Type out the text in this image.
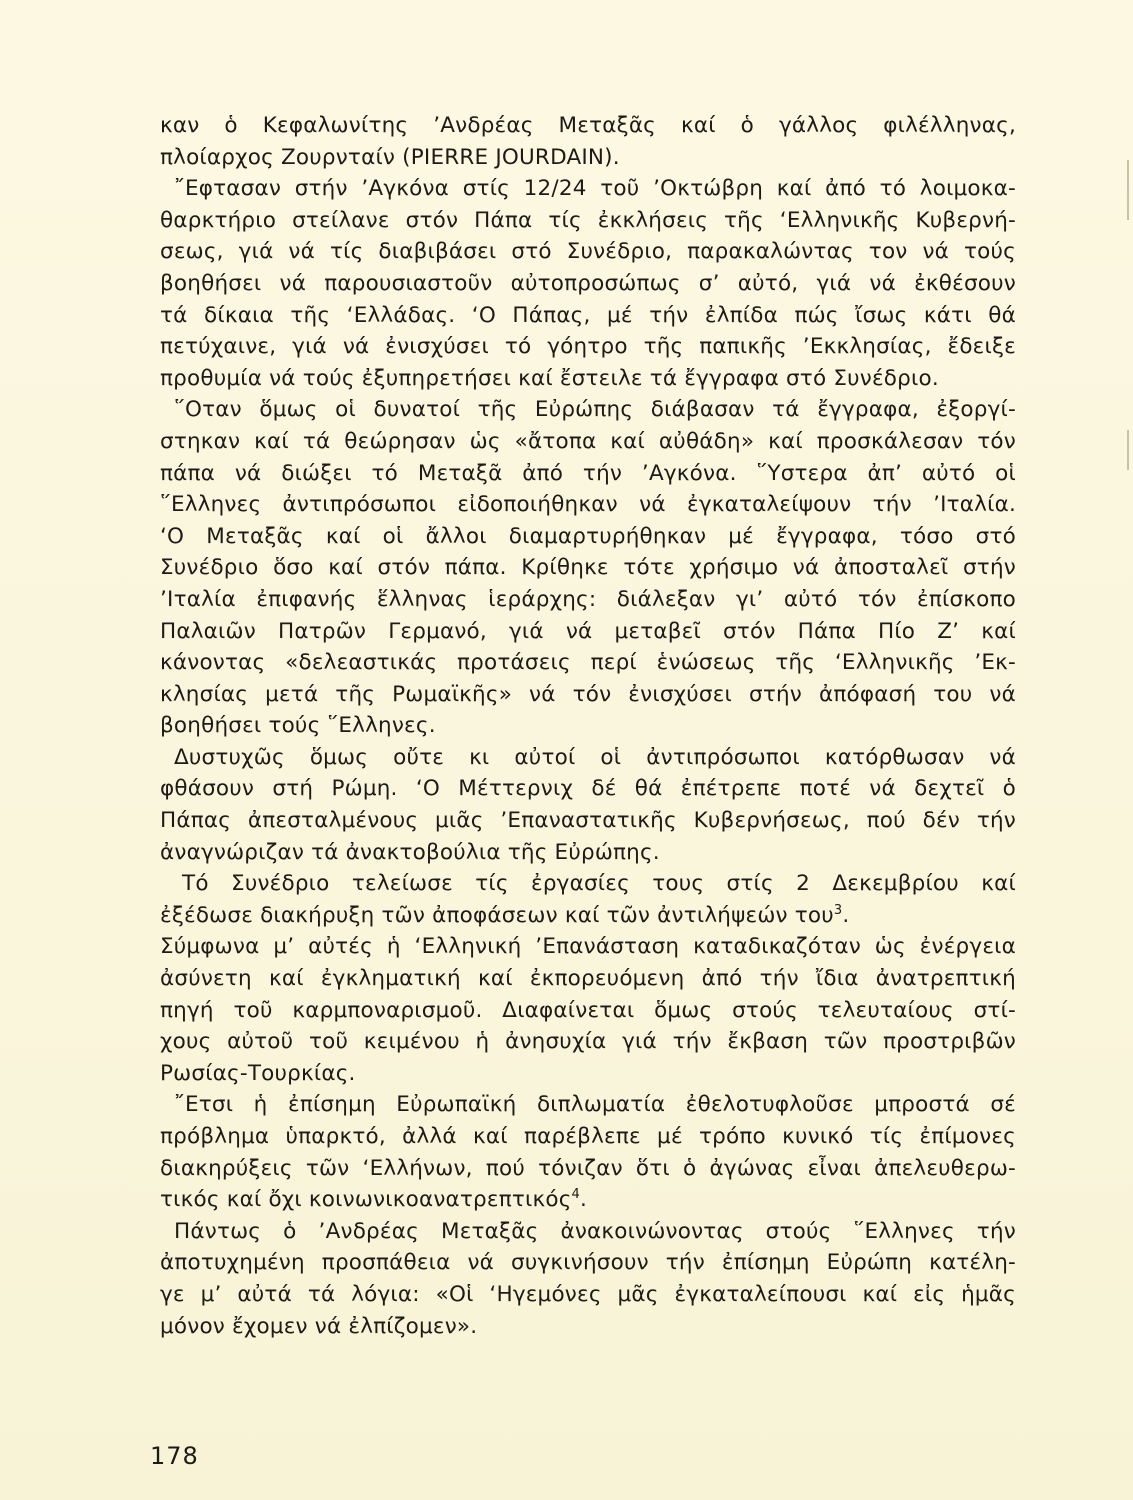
καν ὁ Κεφαλωνίτης ’Ανδρέας Μεταξᾶς καί ὁ γάλλος φιλέλληνας,
πλοίαρχος Ζουρνταίν (PIERRE JOURDAIN).
῎Εφτασαν στήν ’Αγκόνα στίς 12/24 τοῦ ’Οκτώβρη καί ἀπό τό λοιμοκα-
θαρκτήριο στείλανε στόν Πάπα τίς ἐκκλήσεις τῆς ‘Ελληνικῆς Κυβερνή-
σεως, γιά νά τίς διαβιβάσει στό Συνέδριο, παρακαλώντας τον νά τούς
βοηθήσει νά παρουσιαστοῦν αὐτοπροσώπως σ’ αὐτό, γιά νά ἐκθέσουν
τά δίκαια τῆς ‘Ελλάδας. ‘Ο Πάπας, μέ τήν ἐλπίδα πώς ἴσως κάτι θά
πετύχαινε, γιά νά ἐνισχύσει τό γόητρο τῆς παπικῆς ’Εκκλησίας, ἔδειξε
προθυμία νά τούς ἐξυπηρετήσει καί ἔστειλε τά ἔγγραφα στό Συνέδριο.
῞Οταν ὅμως οἱ δυνατοί τῆς Εὐρώπης διάβασαν τά ἔγγραφα, ἐξοργί-
στηκαν καί τά θεώρησαν ὡς «ἄτοπα καί αὐθάδη» καί προσκάλεσαν τόν
πάπα νά διώξει τό Μεταξᾶ ἀπό τήν ’Αγκόνα. ῞Υστερα ἀπ’ αὐτό οἱ
῞Ελληνες ἀντιπρόσωποι εἰδοποιήθηκαν νά ἐγκαταλείψουν τήν ’Ιταλία.
‘Ο Μεταξᾶς καί οἱ ἄλλοι διαμαρτυρήθηκαν μέ ἔγγραφα, τόσο στό
Συνέδριο ὅσο καί στόν πάπα. Κρίθηκε τότε χρήσιμο νά ἀποσταλεῖ στήν
’Ιταλία ἐπιφανής ἕλληνας ἱεράρχης: διάλεξαν γι’ αὐτό τόν ἐπίσκοπο
Παλαιῶν Πατρῶν Γερμανό, γιά νά μεταβεῖ στόν Πάπα Πίο Ζ’ καί
κάνοντας «δελεαστικάς προτάσεις περί ἑνώσεως τῆς ‘Ελληνικῆς ’Εκ-
κλησίας μετά τῆς Ρωμαϊκῆς» νά τόν ἐνισχύσει στήν ἀπόφασή του νά
βοηθήσει τούς ῞Ελληνες.
Δυστυχῶς ὅμως οὔτε κι αὐτοί οἱ ἀντιπρόσωποι κατόρθωσαν νά
φθάσουν στή Ρώμη. ‘Ο Μέττερνιχ δέ θά ἐπέτρεπε ποτέ νά δεχτεῖ ὁ
Πάπας ἀπεσταλμένους μιᾶς ’Επαναστατικῆς Κυβερνήσεως, πού δέν τήν
ἀναγνώριζαν τά ἀνακτοβούλια τῆς Εὐρώπης.
Τό Συνέδριο τελείωσε τίς ἐργασίες τους στίς 2 Δεκεμβρίου καί
ἐξέδωσε διακήρυξη τῶν ἀποφάσεων καί τῶν ἀντιλήψεών του$^3$.
Σύμφωνα μ’ αὐτές ἡ ‘Ελληνική ’Επανάσταση καταδικαζόταν ὡς ἐνέργεια
ἀσύνετη καί ἐγκληματική καί ἐκπορευόμενη ἀπό τήν ἴδια ἀνατρεπτική
πηγή τοῦ καρμποναρισμοῦ. Διαφαίνεται ὅμως στούς τελευταίους στί-
χους αὐτοῦ τοῦ κειμένου ἡ ἀνησυχία γιά τήν ἔκβαση τῶν προστριβῶν
Ρωσίας-Τουρκίας.
῎Ετσι ἡ ἐπίσημη Εὐρωπαϊκή διπλωματία ἐθελοτυφλοῦσε μπροστά σέ
πρόβλημα ὑπαρκτό, ἀλλά καί παρέβλεπε μέ τρόπο κυνικό τίς ἐπίμονες
διακηρύξεις τῶν ‘Ελλήνων, πού τόνιζαν ὅτι ὁ ἀγώνας εἶναι ἀπελευθερω-
τικός καί ὄχι κοινωνικοανατρεπτικός$^4$.
Πάντως ὁ ’Ανδρέας Μεταξᾶς ἀνακοινώνοντας στούς ῞Ελληνες τήν
ἀποτυχημένη προσπάθεια νά συγκινήσουν τήν ἐπίσημη Εὐρώπη κατέλη-
γε μ’ αὐτά τά λόγια: «Οἱ ‘Ηγεμόνες μᾶς ἐγκαταλείπουσι καί εἰς ἡμᾶς
μόνον ἔχομεν νά ἐλπίζομεν».
178
